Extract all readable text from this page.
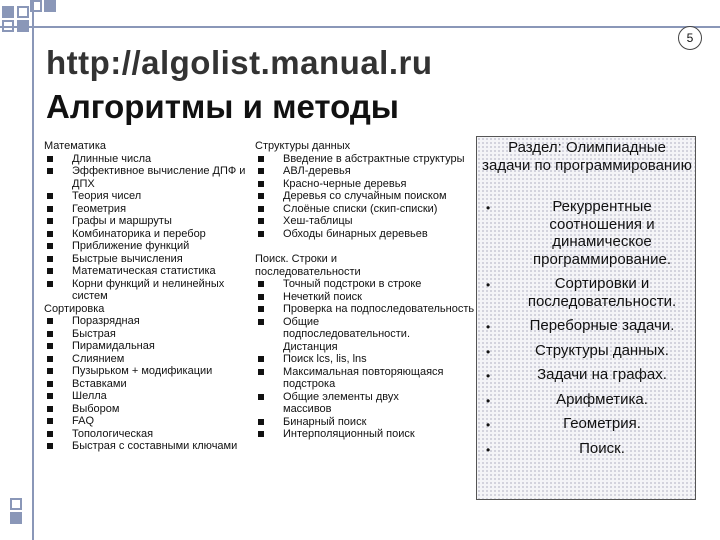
5
http://algolist.manual.ru
Алгоритмы и методы
Математика
Длинные числа
Эффективное вычисление ДПФ и ДПХ
Теория чисел
Геометрия
Графы и маршруты
Комбинаторика и перебор
Приближение функций
Быстрые вычисления
Математическая статистика
Корни функций и нелинейных систем
Сортировка
Поразрядная
Быстрая
Пирамидальная
Слиянием
Пузырьком + модификации
Вставками
Шелла
Выбором
FAQ
Топологическая
Быстрая с составными ключами
Структуры данных
Введение в абстрактные структуры
АВЛ-деревья
Красно-черные деревья
Деревья со случайным поиском
Слоёные списки (скип-списки)
Хеш-таблицы
Обходы бинарных деревьев
Поиск. Строки и последовательности
Точный подстроки в строке
Нечеткий поиск
Проверка на подпоследовательность
Общие подпоследовательности. Дистанция
Поиск lcs, lis, lns
Максимальная повторяющаяся подстрока
Общие элементы двух массивов
Бинарный поиск
Интерполяционный поиск
Раздел: Олимпиадные задачи по программированию
•	Рекуррентные соотношения и динамическое программирование.
•	Сортировки и последовательности.
•	Переборные задачи.
•	Структуры данных.
•	Задачи на графах.
•	Арифметика.
•	Геометрия.
•	Поиск.
